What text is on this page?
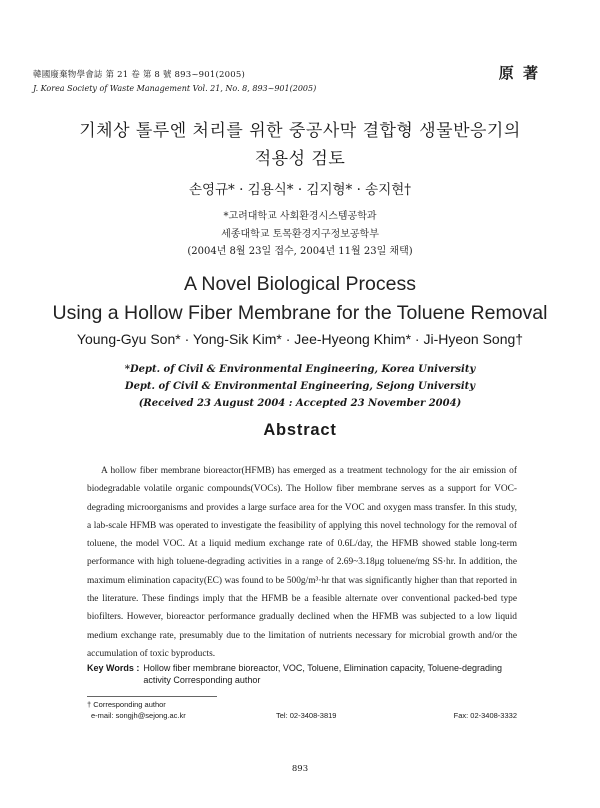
韓國廢棄物學會誌 第 21 卷 第 8 號 893~901(2005)
J. Korea Society of Waste Management Vol. 21, No. 8, 893~901(2005)
原 著
기체상 톨루엔 처리를 위한 중공사막 결합형 생물반응기의
적용성 검토
손영규* · 김용식* · 김지형* · 송지현†
*고려대학교 사회환경시스템공학과
세종대학교 토목환경지구정보공학부
(2004년 8월 23일 접수, 2004년 11월 23일 채택)
A Novel Biological Process
Using a Hollow Fiber Membrane for the Toluene Removal
Young-Gyu Son* · Yong-Sik Kim* · Jee-Hyeong Khim* · Ji-Hyeon Song†
*Dept. of Civil & Environmental Engineering, Korea University
Dept. of Civil & Environmental Engineering, Sejong University
(Received 23 August 2004 : Accepted 23 November 2004)
Abstract

A hollow fiber membrane bioreactor(HFMB) has emerged as a treatment technology for the air emission of biodegradable volatile organic compounds(VOCs). The Hollow fiber membrane serves as a support for VOC-degrading microorganisms and provides a large surface area for the VOC and oxygen mass transfer. In this study, a lab-scale HFMB was operated to investigate the feasibility of applying this novel technology for the removal of toluene, the model VOC. At a liquid medium exchange rate of 0.6L/day, the HFMB showed stable long-term performance with high toluene-degrading activities in a range of 2.69~3.18μg toluene/mg SS·hr. In addition, the maximum elimination capacity(EC) was found to be 500g/m³·hr that was significantly higher than that reported in the literature. These findings imply that the HFMB be a feasible alternate over conventional packed-bed type biofilters. However, bioreactor performance gradually declined when the HFMB was subjected to a low liquid medium exchange rate, presumably due to the limitation of nutrients necessary for microbial growth and/or the accumulation of toxic byproducts.

Key Words : Hollow fiber membrane bioreactor, VOC, Toluene, Elimination capacity, Toluene-degrading activity Corresponding author
† Corresponding author
e-mail: songjh@sejong.ac.kr	Tel: 02-3408-3819	Fax: 02-3408-3332
893
